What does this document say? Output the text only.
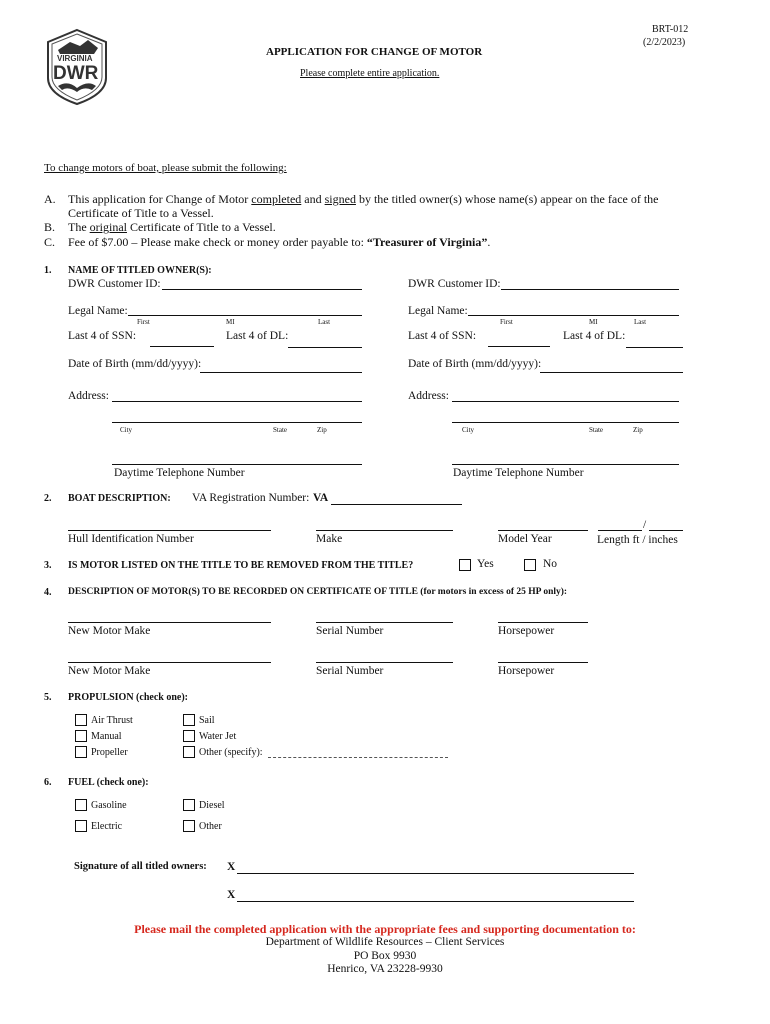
VIRGINIA
DWR
BRT-012
(2/2/2023)
APPLICATION FOR CHANGE OF MOTOR
Please complete entire application.
To change motors of boat, please submit the following:
A. This application for Change of Motor completed and signed by the titled owner(s) whose name(s) appear on the face of the
Certificate of Title to a Vessel.
B. The original Certificate of Title to a Vessel.
C. Fee of $7.00 – Please make check or money order payable to: “Treasurer of Virginia”.
1. NAME OF TITLED OWNER(S):
DWR Customer ID:
Legal Name:
First	MI	Last
Last 4 of SSN:	Last 4 of DL:
Date of Birth (mm/dd/yyyy):
Address:
City	State	Zip
Daytime Telephone Number
DWR Customer ID:
Legal Name:
First	MI	Last
Last 4 of SSN:	Last 4 of DL:
Date of Birth (mm/dd/yyyy):
Address:
City	State	Zip
Daytime Telephone Number
2. BOAT DESCRIPTION: VA Registration Number: VA
Hull Identification Number	Make	Model Year
/
Length ft / inches
3. IS MOTOR LISTED ON THE TITLE TO BE REMOVED FROM THE TITLE?	Yes	No
4. DESCRIPTION OF MOTOR(S) TO BE RECORDED ON CERTIFICATE OF TITLE (for motors in excess of 25 HP only):
New Motor Make	Serial Number	Horsepower
New Motor Make	Serial Number	Horsepower
5. PROPULSION (check one):
Air Thrust
Manual
Propeller
Sail
Water Jet
Other (specify):
6. FUEL (check one):
Gasoline
Electric
Diesel
Other
Signature of all titled owners: X
X
Please mail the completed application with the appropriate fees and supporting documentation to:
Department of Wildlife Resources – Client Services
PO Box 9930
Henrico, VA 23228-9930
